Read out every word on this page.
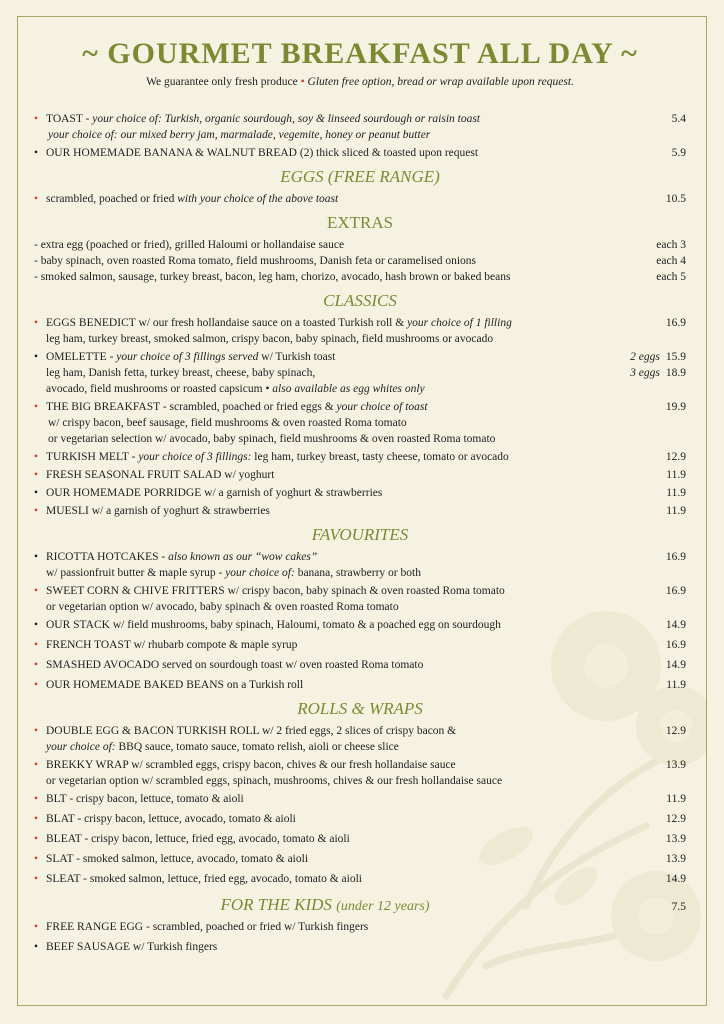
~ GOURMET BREAKFAST ALL DAY ~
We guarantee only fresh produce • Gluten free option, bread or wrap available upon request.
• TOAST - your choice of: Turkish, organic sourdough, soy & linseed sourdough or raisin toast
your choice of: our mixed berry jam, marmalade, vegemite, honey or peanut butter
5.4
• OUR HOMEMADE BANANA & WALNUT BREAD (2) thick sliced & toasted upon request	5.9
EGGS (FREE RANGE)
• scrambled, poached or fried with your choice of the above toast	10.5
EXTRAS
- extra egg (poached or fried), grilled Haloumi or hollandaise sauce	each 3
- baby spinach, oven roasted Roma tomato, field mushrooms, Danish feta or caramelised onions	each 4
- smoked salmon, sausage, turkey breast, bacon, leg ham, chorizo, avocado, hash brown or baked beans	each 5
CLASSICS
• EGGS BENEDICT w/ our fresh hollandaise sauce on a toasted Turkish roll & your choice of 1 filling
leg ham, turkey breast, smoked salmon, crispy bacon, baby spinach, field mushrooms or avocado
16.9
• OMELETTE - your choice of 3 fillings served w/ Turkish toast
leg ham, Danish fetta, turkey breast, cheese, baby spinach,
avocado, field mushrooms or roasted capsicum • also available as egg whites only
2 eggs 15.9
3 eggs 18.9
• THE BIG BREAKFAST - scrambled, poached or fried eggs & your choice of toast
w/ crispy bacon, beef sausage, field mushrooms & oven roasted Roma tomato
or vegetarian selection w/ avocado, baby spinach, field mushrooms & oven roasted Roma tomato
19.9
• TURKISH MELT - your choice of 3 fillings: leg ham, turkey breast, tasty cheese, tomato or avocado	12.9
• FRESH SEASONAL FRUIT SALAD w/ yoghurt	11.9
• OUR HOMEMADE PORRIDGE w/ a garnish of yoghurt & strawberries	11.9
• MUESLI w/ a garnish of yoghurt & strawberries	11.9
FAVOURITES
• RICOTTA HOTCAKES - also known as our “wow cakes”
w/ passionfruit butter & maple syrup - your choice of: banana, strawberry or both
16.9
• SWEET CORN & CHIVE FRITTERS w/ crispy bacon, baby spinach & oven roasted Roma tomato
or vegetarian option w/ avocado, baby spinach & oven roasted Roma tomato
16.9
• OUR STACK w/ field mushrooms, baby spinach, Haloumi, tomato & a poached egg on sourdough	14.9
• FRENCH TOAST w/ rhubarb compote & maple syrup	16.9
• SMASHED AVOCADO served on sourdough toast w/ oven roasted Roma tomato	14.9
• OUR HOMEMADE BAKED BEANS on a Turkish roll	11.9
ROLLS & WRAPS
• DOUBLE EGG & BACON TURKISH ROLL w/ 2 fried eggs, 2 slices of crispy bacon &
your choice of: BBQ sauce, tomato sauce, tomato relish, aioli or cheese slice
12.9
• BREKKY WRAP w/ scrambled eggs, crispy bacon, chives & our fresh hollandaise sauce
or vegetarian option w/ scrambled eggs, spinach, mushrooms, chives & our fresh hollandaise sauce
13.9
• BLT - crispy bacon, lettuce, tomato & aioli	11.9
• BLAT - crispy bacon, lettuce, avocado, tomato & aioli	12.9
• BLEAT - crispy bacon, lettuce, fried egg, avocado, tomato & aioli	13.9
• SLAT - smoked salmon, lettuce, avocado, tomato & aioli	13.9
• SLEAT - smoked salmon, lettuce, fried egg, avocado, tomato & aioli	14.9
FOR THE KIDS (under 12 years)	7.5
• FREE RANGE EGG - scrambled, poached or fried w/ Turkish fingers
• BEEF SAUSAGE w/ Turkish fingers
